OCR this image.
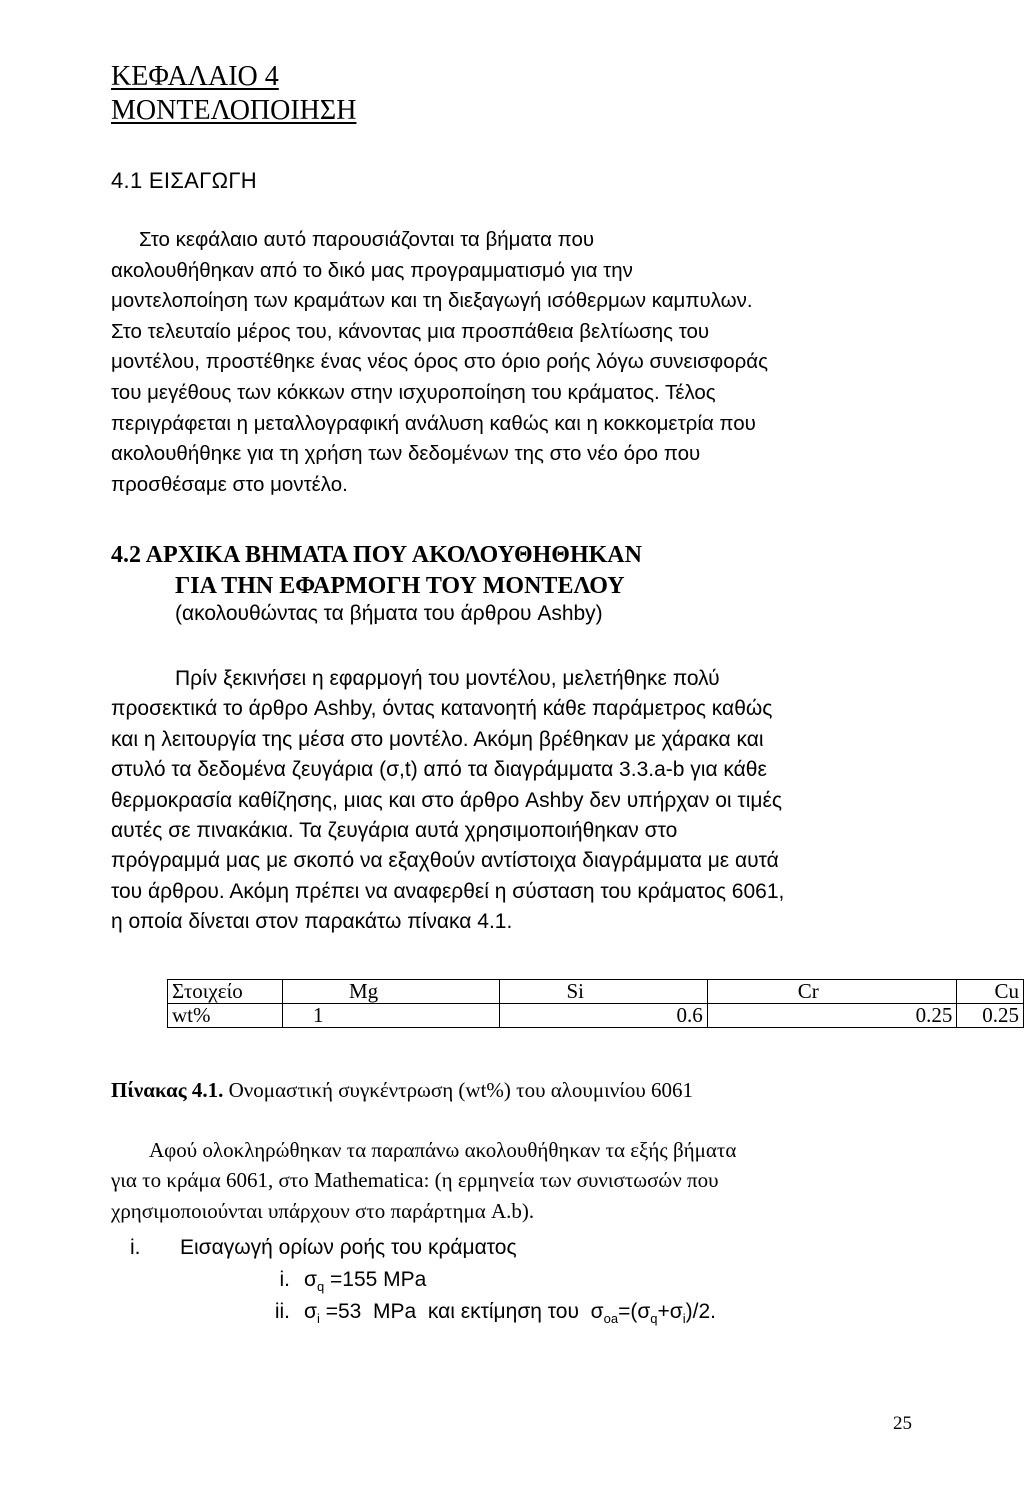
ΚΕΦΑΛΑΙΟ 4
ΜΟΝΤΕΛΟΠΟΙΗΣΗ
4.1 ΕΙΣΑΓΩΓΗ
Στο κεφάλαιο αυτό παρουσιάζονται τα βήματα που
ακολουθήθηκαν από το δικό μας προγραμματισμό για την
μοντελοποίηση των κραμάτων και τη διεξαγωγή ισόθερμων καμπυλων.
Στο τελευταίο μέρος του, κάνοντας μια προσπάθεια βελτίωσης του
μοντέλου, προστέθηκε ένας νέος όρος στο όριο ροής λόγω συνεισφοράς
του μεγέθους των κόκκων στην ισχυροποίηση του κράματος. Τέλος
περιγράφεται η μεταλλογραφική ανάλυση καθώς και η κοκκομετρία που
ακολουθήθηκε για τη χρήση των δεδομένων της στο νέο όρο που
προσθέσαμε στο μοντέλο.
4.2 ΑΡΧΙΚΑ ΒΗΜΑΤΑ ΠΟΥ ΑΚΟΛΟΥΘΗΘΗΚΑΝ
ΓΙΑ ΤΗΝ ΕΦΑΡΜΟΓΗ ΤΟΥ ΜΟΝΤΕΛΟΥ
(ακολουθώντας τα βήματα του άρθρου Ashby)
Πρίν ξεκινήσει η εφαρμογή του μοντέλου, μελετήθηκε πολύ
προσεκτικά το άρθρο Ashby, όντας κατανοητή κάθε παράμετρος καθώς
και η λειτουργία της μέσα στο μοντέλο. Ακόμη βρέθηκαν με χάρακα και
στυλό τα δεδομένα ζευγάρια (σ,t) από τα διαγράμματα 3.3.a-b για κάθε
θερμοκρασία καθίζησης, μιας και στο άρθρο Ashby δεν υπήρχαν οι τιμές
αυτές σε πινακάκια. Τα ζευγάρια αυτά χρησιμοποιήθηκαν στο
πρόγραμμά μας με σκοπό να εξαχθούν αντίστοιχα διαγράμματα με αυτά
του άρθρου. Ακόμη πρέπει να αναφερθεί η σύσταση του κράματος 6061,
η οποία δίνεται στον παρακάτω πίνακα 4.1.
Στοιχείο	Mg	Si	Cr	Cu
wt%	1	0.6	0.25	0.25
Πίνακας 4.1. Ονομαστική συγκέντρωση (wt%) του αλουμινίου 6061
Αφού ολοκληρώθηκαν τα παραπάνω ακολουθήθηκαν τα εξής βήματα
για το κράμα 6061, στο Mathematica: (η ερμηνεία των συνιστωσών που
χρησιμοποιούνται υπάρχουν στο παράρτημα A.b).
i. Εισαγωγή ορίων ροής του κράματος
i. $\sigma_q =155$ MPa
ii. $\sigma_i =53$  MPa  και εκτίμηση του  $\sigma_{oa}=(\sigma_q+\sigma_i)/2$.
25
